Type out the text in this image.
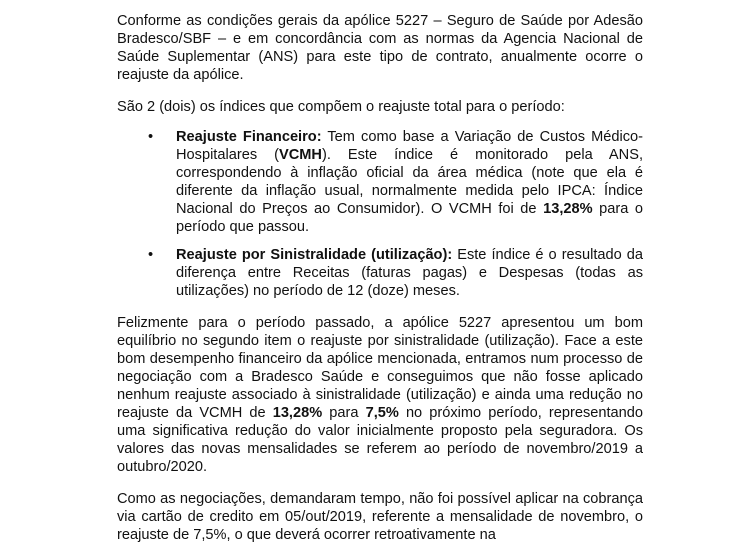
Conforme as condições gerais da apólice 5227 – Seguro de Saúde por Adesão Bradesco/SBF – e em concordância com as normas da Agencia Nacional de Saúde Suplementar (ANS) para este tipo de contrato, anualmente ocorre o reajuste da apólice.

São 2 (dois) os índices que compõem o reajuste total para o período:

•	Reajuste Financeiro: Tem como base a Variação de Custos Médico-Hospitalares (VCMH). Este índice é monitorado pela ANS, correspondendo à inflação oficial da área médica (note que ela é diferente da inflação usual, normalmente medida pelo IPCA: Índice Nacional do Preços ao Consumidor). O VCMH foi de 13,28% para o período que passou.
•	Reajuste por Sinistralidade (utilização): Este índice é o resultado da diferença entre Receitas (faturas pagas) e Despesas (todas as utilizações) no período de 12 (doze) meses.

Felizmente para o período passado, a apólice 5227 apresentou um bom equilíbrio no segundo item o reajuste por sinistralidade (utilização). Face a este bom desempenho financeiro da apólice mencionada, entramos num processo de negociação com a Bradesco Saúde e conseguimos que não fosse aplicado nenhum reajuste associado à sinistralidade (utilização) e ainda uma redução no reajuste da VCMH de 13,28% para 7,5% no próximo período, representando uma significativa redução do valor inicialmente proposto pela seguradora. Os valores das novas mensalidades se referem ao período de novembro/2019 a outubro/2020.

Como as negociações, demandaram tempo, não foi possível aplicar na cobrança via cartão de credito em 05/out/2019, referente a mensalidade de novembro, o reajuste de 7,5%, o que deverá ocorrer retroativamente na
